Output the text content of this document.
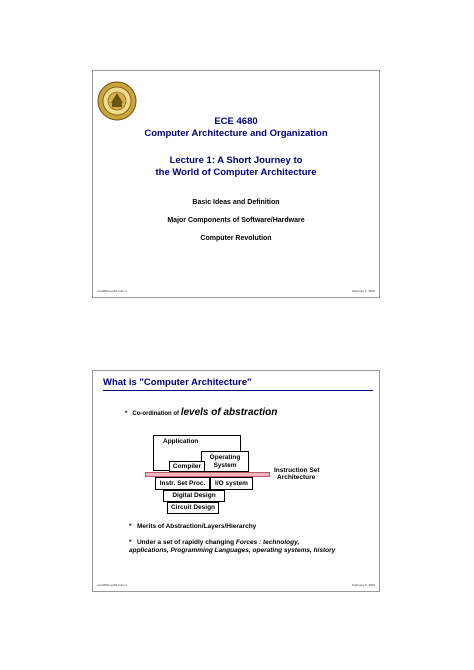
ECE 4680
Computer Architecture and Organization
Lecture 1: A Short Journey to
the World of Computer Architecture
Basic Ideas and Definition
Major Components of Software/Hardware
Computer Revolution
ece4680 Lec#1 Intro.1	February 6, 2002
What is "Computer Architecture"
* Co-ordination of levels of abstraction
Application
Operating
System
Compiler
Instruction Set
Architecture
Instr. Set Proc.	I/O system
Digital Design
Circuit Design
* Merits of Abstraction/Layers/Hierarchy
* Under a set of rapidly changing Forces : technology,
applications, Programming Languages, operating systems, history
ece4680 Lec#1 Intro.2	February 6, 2002
